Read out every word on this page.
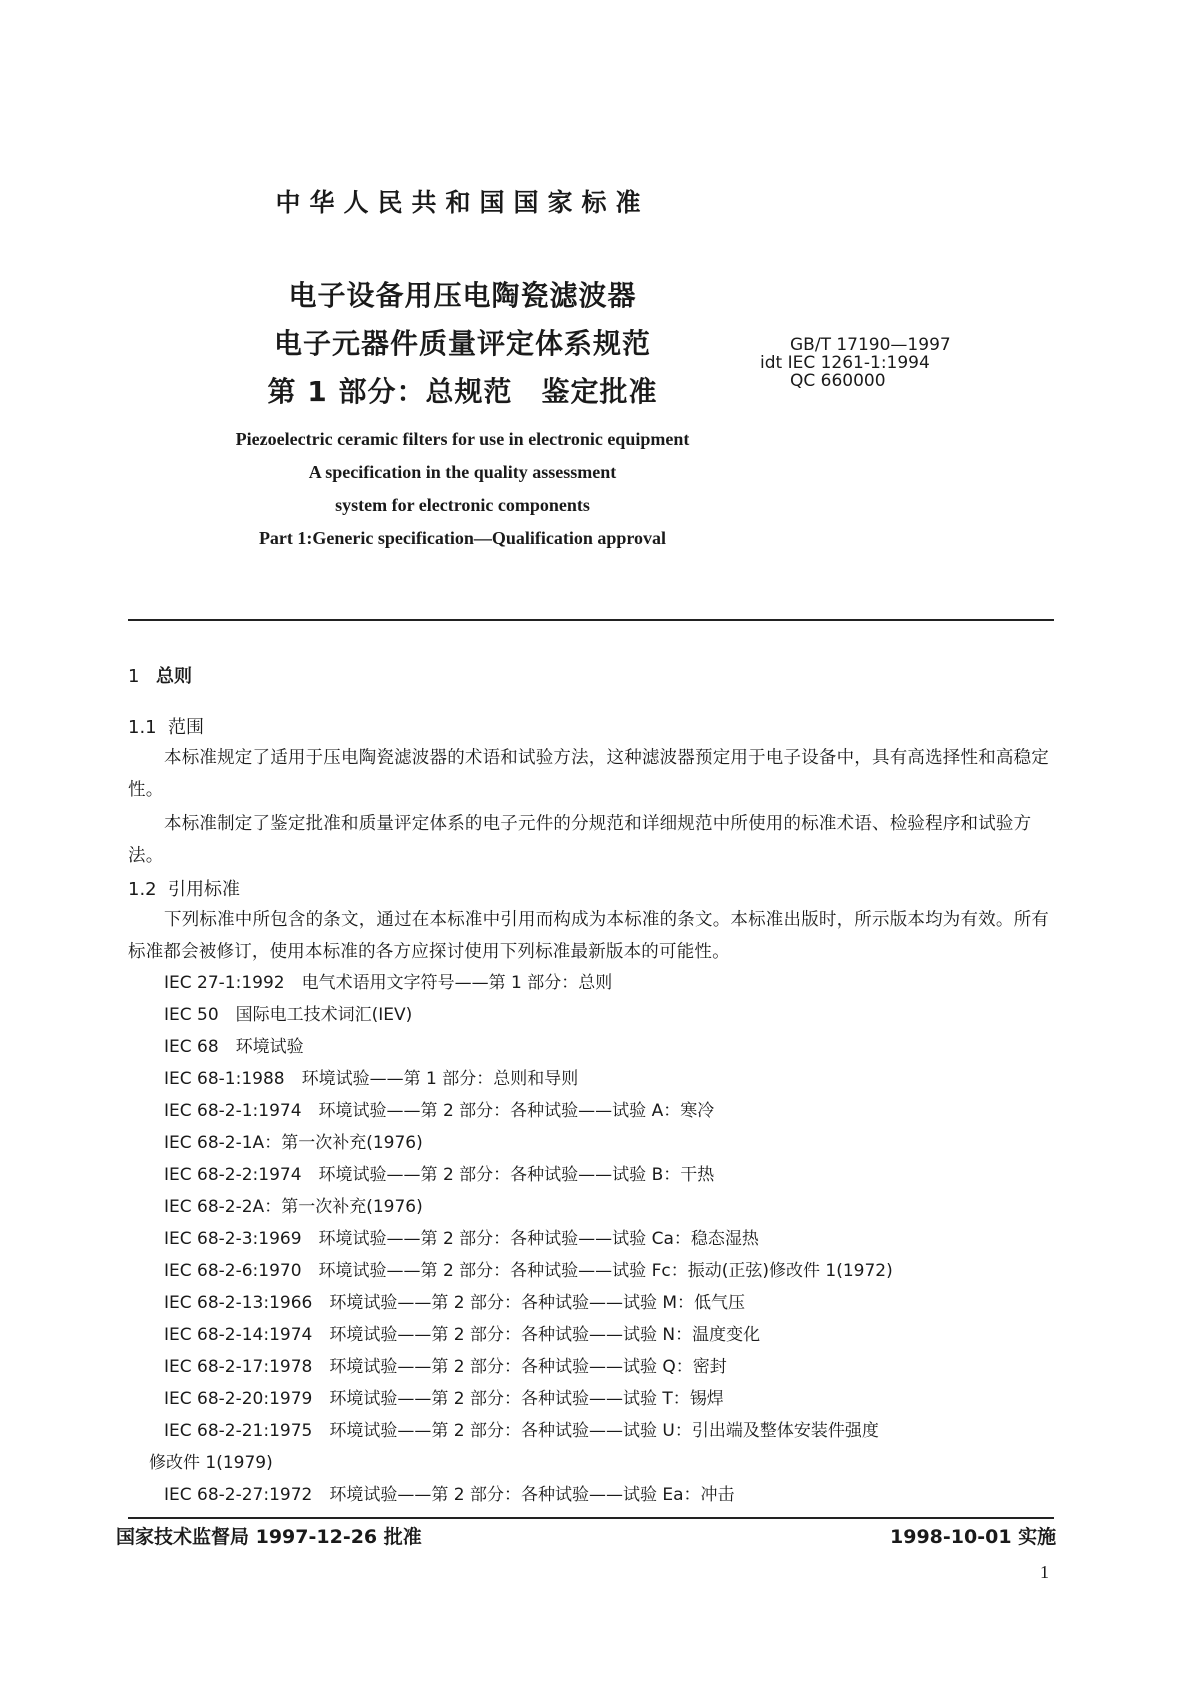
中华人民共和国国家标准
电子设备用压电陶瓷滤波器
电子元器件质量评定体系规范
第 1 部分：总规范　鉴定批准
GB/T 17190—1997
idt IEC 1261-1:1994
QC 660000
Piezoelectric ceramic filters for use in electronic equipment
A specification in the quality assessment
system for electronic components
Part 1:Generic specification—Qualification approval
1 总则
1.1 范围
本标准规定了适用于压电陶瓷滤波器的术语和试验方法，这种滤波器预定用于电子设备中，具有高选择性和高稳定性。
本标准制定了鉴定批准和质量评定体系的电子元件的分规范和详细规范中所使用的标准术语、检验程序和试验方法。
1.2 引用标准
下列标准中所包含的条文，通过在本标准中引用而构成为本标准的条文。本标准出版时，所示版本均为有效。所有标准都会被修订，使用本标准的各方应探讨使用下列标准最新版本的可能性。
IEC 27-1:1992　电气术语用文字符号——第 1 部分：总则
IEC 50　国际电工技术词汇(IEV)
IEC 68　环境试验
IEC 68-1:1988　环境试验——第 1 部分：总则和导则
IEC 68-2-1:1974　环境试验——第 2 部分：各种试验——试验 A：寒冷
IEC 68-2-1A：第一次补充(1976)
IEC 68-2-2:1974　环境试验——第 2 部分：各种试验——试验 B：干热
IEC 68-2-2A：第一次补充(1976)
IEC 68-2-3:1969　环境试验——第 2 部分：各种试验——试验 Ca：稳态湿热
IEC 68-2-6:1970　环境试验——第 2 部分：各种试验——试验 Fc：振动(正弦)修改件 1(1972)
IEC 68-2-13:1966　环境试验——第 2 部分：各种试验——试验 M：低气压
IEC 68-2-14:1974　环境试验——第 2 部分：各种试验——试验 N：温度变化
IEC 68-2-17:1978　环境试验——第 2 部分：各种试验——试验 Q：密封
IEC 68-2-20:1979　环境试验——第 2 部分：各种试验——试验 T：锡焊
IEC 68-2-21:1975　环境试验——第 2 部分：各种试验——试验 U：引出端及整体安装件强度
修改件 1(1979)
IEC 68-2-27:1972　环境试验——第 2 部分：各种试验——试验 Ea：冲击
国家技术监督局 1997-12-26 批准	1998-10-01 实施
1
